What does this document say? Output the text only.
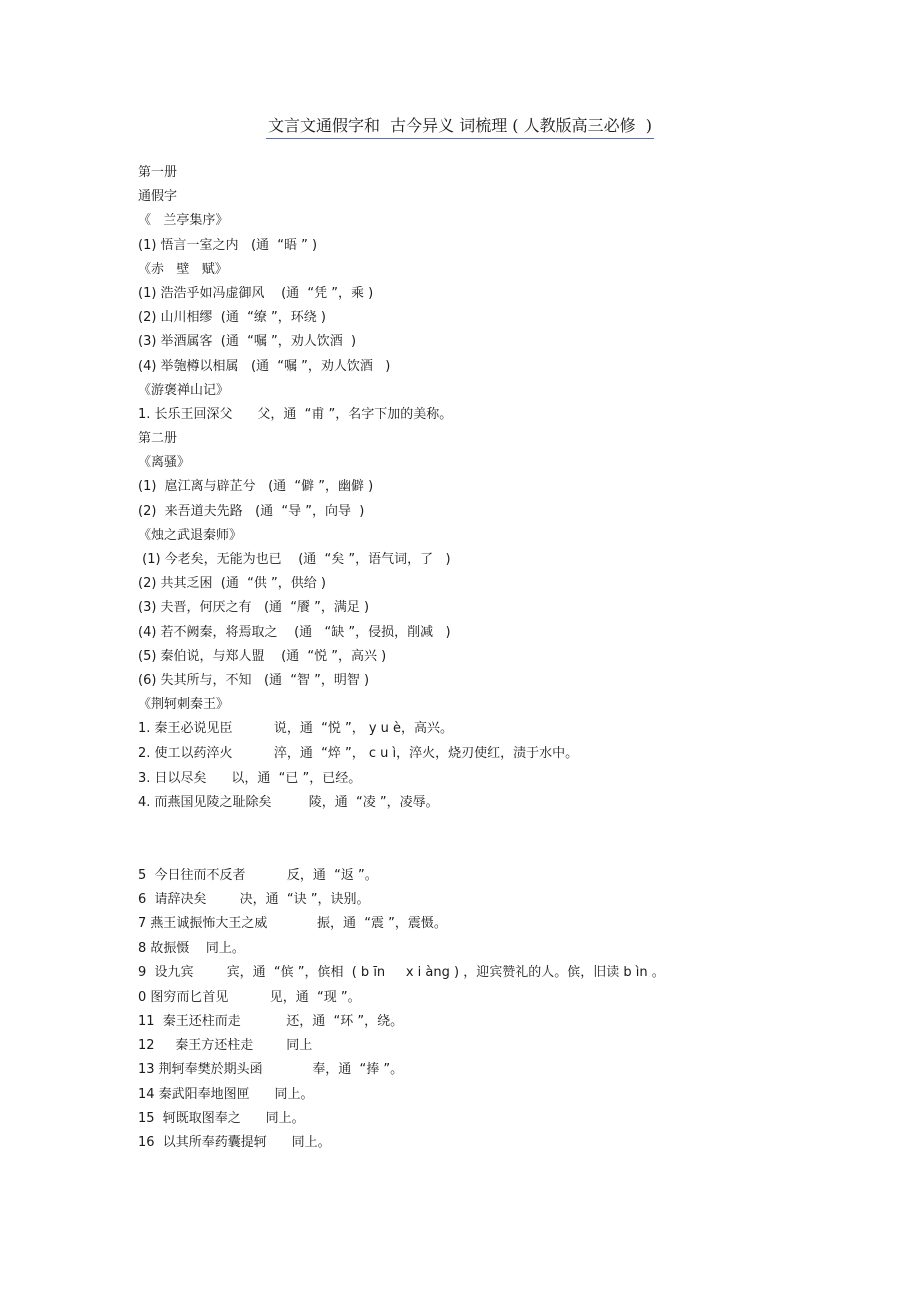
文言文通假字和  古今异义 词梳理 ( 人教版高三必修  )
第一册
通假字
《   兰亭集序》
(1) 悟言一室之内   (通  “晤 ” )
《赤   壁   赋》
(1) 浩浩乎如冯虚御风    (通  “凭 ”，乘 )
(2) 山川相缪  (通  “缭 ”，环绕 )
(3) 举酒属客  (通  “嘱 ”，劝人饮酒  )
(4) 举匏樽以相属   (通  “嘱 ”，劝人饮酒   )
《游褒禅山记》
1. 长乐王回深父      父，通  “甫 ”，名字下加的美称。
第二册
《离骚》
(1)  扈江离与辟芷兮   (通  “僻 ”，幽僻 )
(2)  来吾道夫先路   (通  “导 ”，向导  )
《烛之武退秦师》
(1) 今老矣，无能为也已    (通  “矣 ”，语气词，了   )
(2) 共其乏困  (通  “供 ”，供给 )
(3) 夫晋，何厌之有   (通  “餍 ”，满足 )
(4) 若不阙秦，将焉取之    (通   “缺 ”，侵损，削减   )
(5) 秦伯说，与郑人盟    (通  “悦 ”，高兴 )
(6) 失其所与，不知   (通  “智 ”，明智 )
《荆轲刺秦王》
1. 秦王必说见臣          说，通  “悦 ”， y u è，高兴。
2. 使工以药淬火          淬，通  “焠 ”， c u ì，淬火，烧刃使红，渍于水中。
3. 日以尽矣      以，通  “已 ”，已经。
4. 而燕国见陵之耻除矣         陵，通  “凌 ”，凌辱。
5  今日往而不反者          反，通  “返 ”。
6  请辞决矣        决，通  “诀 ”，诀别。
7 燕王诚振怖大王之威            振，通  “震 ”，震慑。
8 故振慑    同上。
9  设九宾        宾，通  “傧 ”，傧相  ( b īn     x i àng ) ，迎宾赞礼的人。傧，旧读 b ìn 。
0 图穷而匕首见          见，通  “现 ”。
11  秦王还柱而走           还，通  “环 ”，绕。
12     秦王方还柱走        同上
13 荆轲奉樊於期头函            奉，通  “捧 ”。
14 秦武阳奉地图匣      同上。
15  轲既取图奉之      同上。
16  以其所奉药囊提轲      同上。
